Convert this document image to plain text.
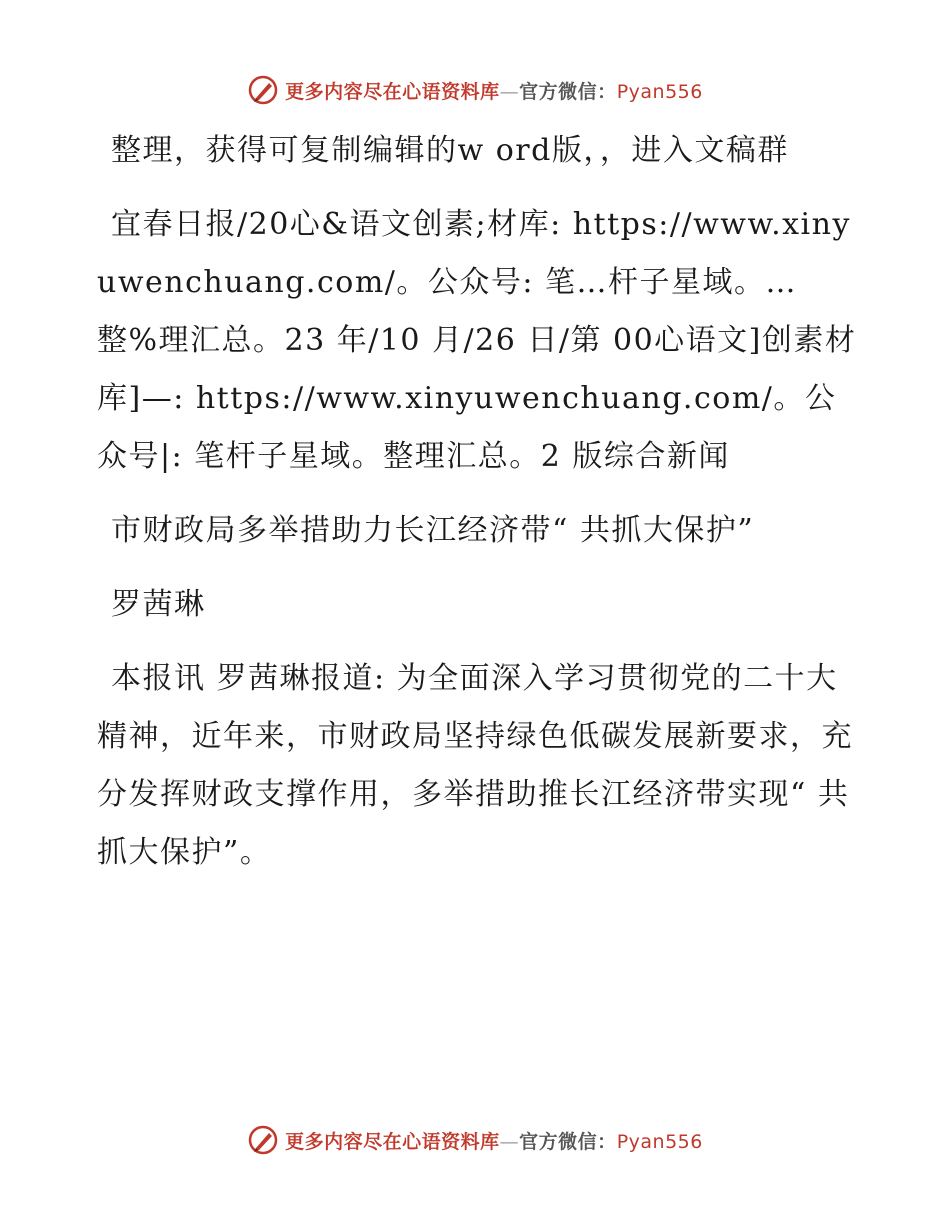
更多内容尽在心语资料库—官方微信：Pyan556

整理，获得可复制编辑的w ord版，，进入文稿群

宜春日报/20心&语文创素;材库: https://www.xinyuwenchuang.com/。公众号: 笔…杆子星域。…整%理汇总。23 年/10 月/26 日/第 00心语文]创素材库]—: https://www.xinyuwenchuang.com/。公众号|: 笔杆子星域。整理汇总。2 版综合新闻

市财政局多举措助力长江经济带“ 共抓大保护”

罗茜琳

本报讯 罗茜琳报道: 为全面深入学习贯彻党的二十大精神，近年来，市财政局坚持绿色低碳发展新要求，充分发挥财政支撑作用，多举措助推长江经济带实现“ 共抓大保护”。

更多内容尽在心语资料库—官方微信：Pyan556
